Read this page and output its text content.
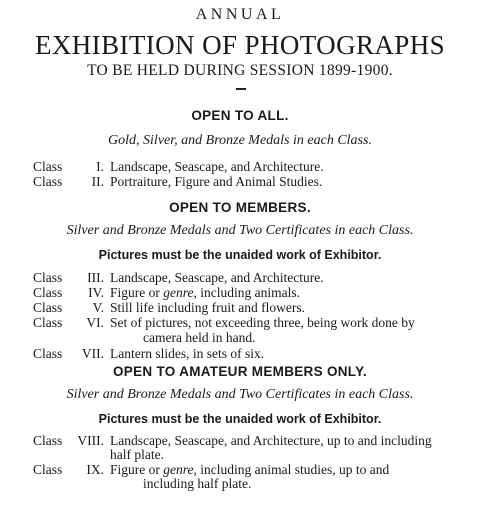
ANNUAL
EXHIBITION OF PHOTOGRAPHS
TO BE HELD DURING SESSION 1899-1900.
OPEN TO ALL.
Gold, Silver, and Bronze Medals in each Class.
Class	I. Landscape, Seascape, and Architecture.
Class	II. Portraiture, Figure and Animal Studies.
OPEN TO MEMBERS.
Silver and Bronze Medals and Two Certificates in each Class.
Pictures must be the unaided work of Exhibitor.
Class	III. Landscape, Seascape, and Architecture.
Class	IV. Figure or genre, including animals.
Class	V. Still life including fruit and flowers.
Class	VI. Set of pictures, not exceeding three, being work done by
camera held in hand.
Class	VII. Lantern slides, in sets of six.
OPEN TO AMATEUR MEMBERS ONLY.
Silver and Bronze Medals and Two Certificates in each Class.
Pictures must be the unaided work of Exhibitor.
Class	VIII. Landscape, Seascape, and Architecture, up to and including
half plate.
Class	IX. Figure or genre, including animal studies, up to and
including half plate.
